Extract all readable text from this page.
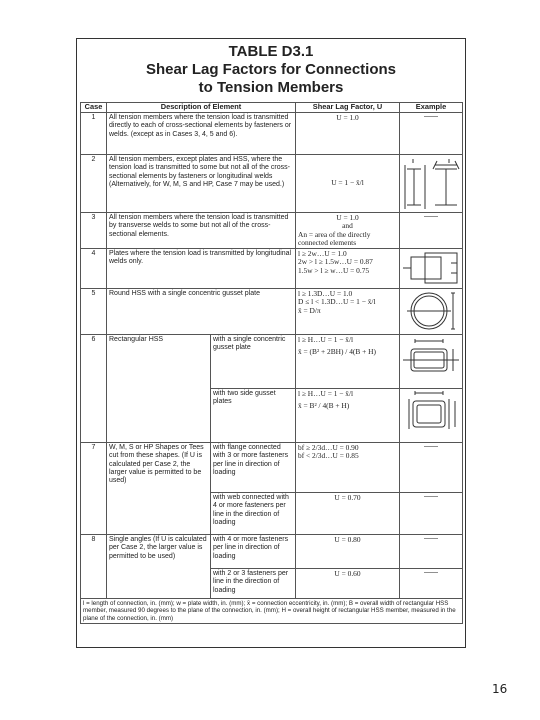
TABLE D3.1
Shear Lag Factors for Connections
to Tension Members
Case	Description of Element		Shear Lag Factor, U	Example
1	All tension members where the tension load is transmitted directly to each of cross-sectional elements by fasteners or welds. (except as in Cases 3, 4, 5 and 6).		U = 1.0	——
2	All tension members, except plates and HSS, where the tension load is transmitted to some but not all of the cross-sectional elements by fasteners or longitudinal welds (Alternatively, for W, M, S and HP, Case 7 may be used.)		U = 1 − x̄/l	

3	All tension members where the tension load is transmitted by transverse welds to some but not all of the cross-sectional elements.		U = 1.0
and
An = area of the directly connected elements	——
4	Plates where the tension load is transmitted by longitudinal welds only.		l ≥ 2w…U = 1.0
2w > l ≥ 1.5w…U = 0.87
1.5w > l ≥ w…U = 0.75

5	Round HSS with a single concentric gusset plate		l ≥ 1.3D…U = 1.0
D ≤ l < 1.3D…U = 1 − x̄/l
x̄ = D/π

6	Rectangular HSS	with a single concentric gusset plate	l ≥ H…U = 1 − x̄/l
x̄ = (B² + 2BH) / 4(B + H)

		with two side gusset plates	l ≥ H…U = 1 − x̄/l
x̄ = B² / 4(B + H)

7	W, M, S or HP Shapes or Tees cut from these shapes. (If U is calculated per Case 2, the larger value is permitted to be used)	with flange connected with 3 or more fasteners per line in direction of loading	bf ≥ 2/3d…U = 0.90
bf < 2/3d…U = 0.85	——
		with web connected with 4 or more fasteners per line in the direction of loading	U = 0.70	——
8	Single angles (If U is calculated per Case 2, the larger value is permitted to be used)	with 4 or more fasteners per line in direction of loading	U = 0.80	——
		with 2 or 3 fasteners per line in the direction of loading	U = 0.60	——
l = length of connection, in. (mm); w = plate width, in. (mm); x̄ = connection eccentricity, in. (mm); B = overall width of rectangular HSS member, measured 90 degrees to the plane of the connection, in. (mm); H = overall height of rectangular HSS member, measured in the plane of the connection, in. (mm)				
16
